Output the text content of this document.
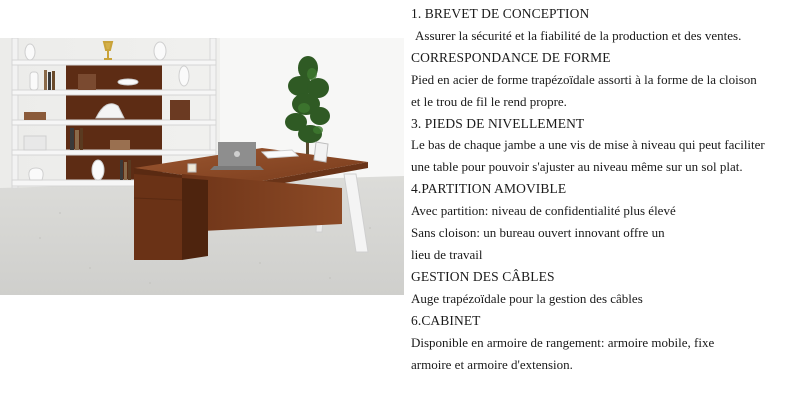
1. BREVET DE CONCEPTION
Assurer la sécurité et la fiabilité de la production et des ventes.
CORRESPONDANCE DE FORME
Pied en acier de forme trapézoïdale assorti à la forme de la cloison
et le trou de fil le rend propre.
3. PIEDS DE NIVELLEMENT
Le bas de chaque jambe a une vis de mise à niveau qui peut faciliter
une table pour pouvoir s'ajuster au niveau même sur un sol plat.
4.PARTITION AMOVIBLE
Avec partition: niveau de confidentialité plus élevé
Sans cloison: un bureau ouvert innovant offre un
lieu de travail
GESTION DES CÂBLES
Auge trapézoïdale pour la gestion des câbles
6.CABINET
Disponible en armoire de rangement: armoire mobile, fixe
armoire et armoire d'extension.
